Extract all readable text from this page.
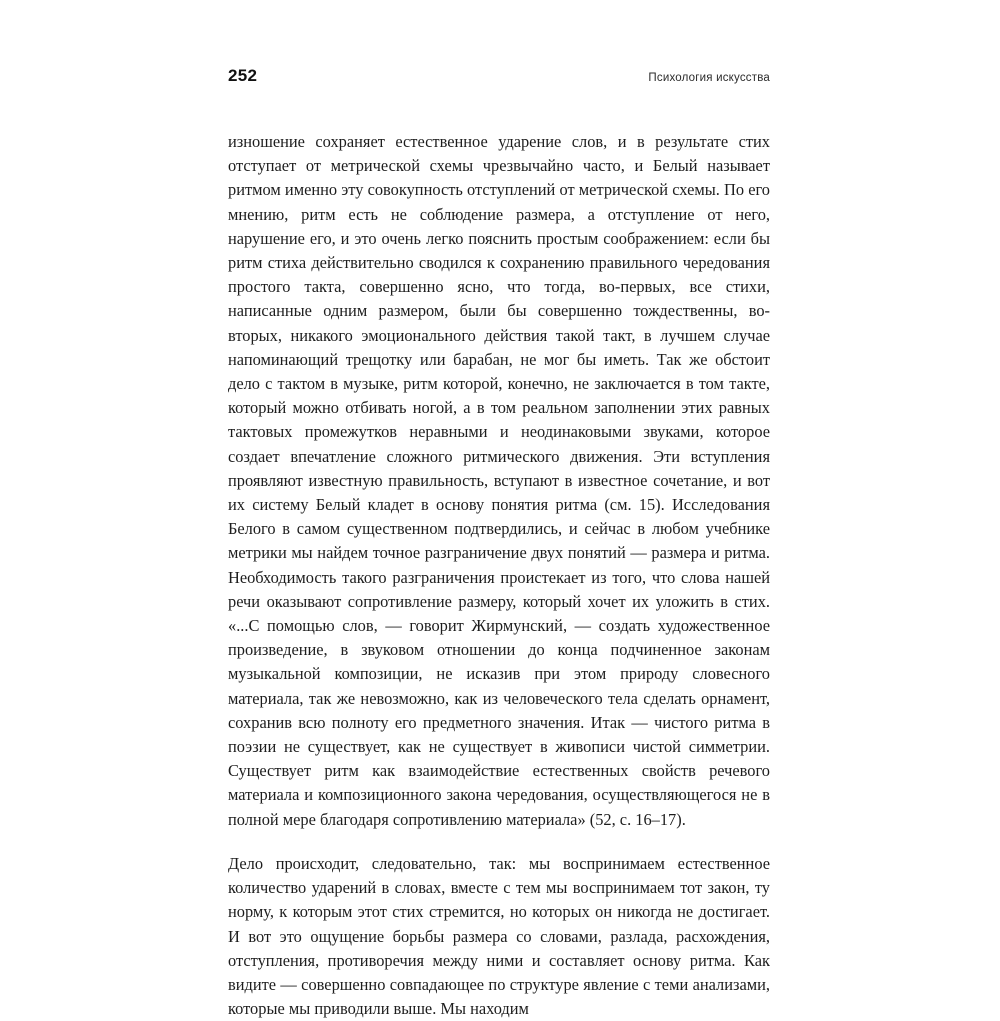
252	Психология искусства

изношение сохраняет естественное ударение слов, и в результате стих отступает от метрической схемы чрезвычайно часто, и Белый называет ритмом именно эту совокупность отступлений от метрической схемы. По его мнению, ритм есть не соблюдение размера, а отступление от него, нарушение его, и это очень легко пояснить простым соображением: если бы ритм стиха действительно сводился к сохранению правильного чередования простого такта, совершенно ясно, что тогда, во-первых, все стихи, написанные одним размером, были бы совершенно тождественны, во-вторых, никакого эмоционального действия такой такт, в лучшем случае напоминающий трещотку или барабан, не мог бы иметь. Так же обстоит дело с тактом в музыке, ритм которой, конечно, не заключается в том такте, который можно отбивать ногой, а в том реальном заполнении этих равных тактовых промежутков неравными и неодинаковыми звуками, которое создает впечатление сложного ритмического движения. Эти вступления проявляют известную правильность, вступают в известное сочетание, и вот их систему Белый кладет в основу понятия ритма (см. 15). Исследования Белого в самом существенном подтвердились, и сейчас в любом учебнике метрики мы найдем точное разграничение двух понятий — размера и ритма. Необходимость такого разграничения проистекает из того, что слова нашей речи оказывают сопротивление размеру, который хочет их уложить в стих. «...С помощью слов, — говорит Жирмунский, — создать художественное произведение, в звуковом отношении до конца подчиненное законам музыкальной композиции, не исказив при этом природу словесного материала, так же невозможно, как из человеческого тела сделать орнамент, сохранив всю полноту его предметного значения. Итак — чистого ритма в поэзии не существует, как не существует в живописи чистой симметрии. Существует ритм как взаимодействие естественных свойств речевого материала и композиционного закона чередования, осуществляющегося не в полной мере благодаря сопротивлению материала» (52, с. 16–17).

Дело происходит, следовательно, так: мы воспринимаем естественное количество ударений в словах, вместе с тем мы воспринимаем тот закон, ту норму, к которым этот стих стремится, но которых он никогда не достигает. И вот это ощущение борьбы размера со словами, разлада, расхождения, отступления, противоречия между ними и составляет основу ритма. Как видите — совершенно совпадающее по структуре явление с теми анализами, которые мы приводили выше. Мы находим
